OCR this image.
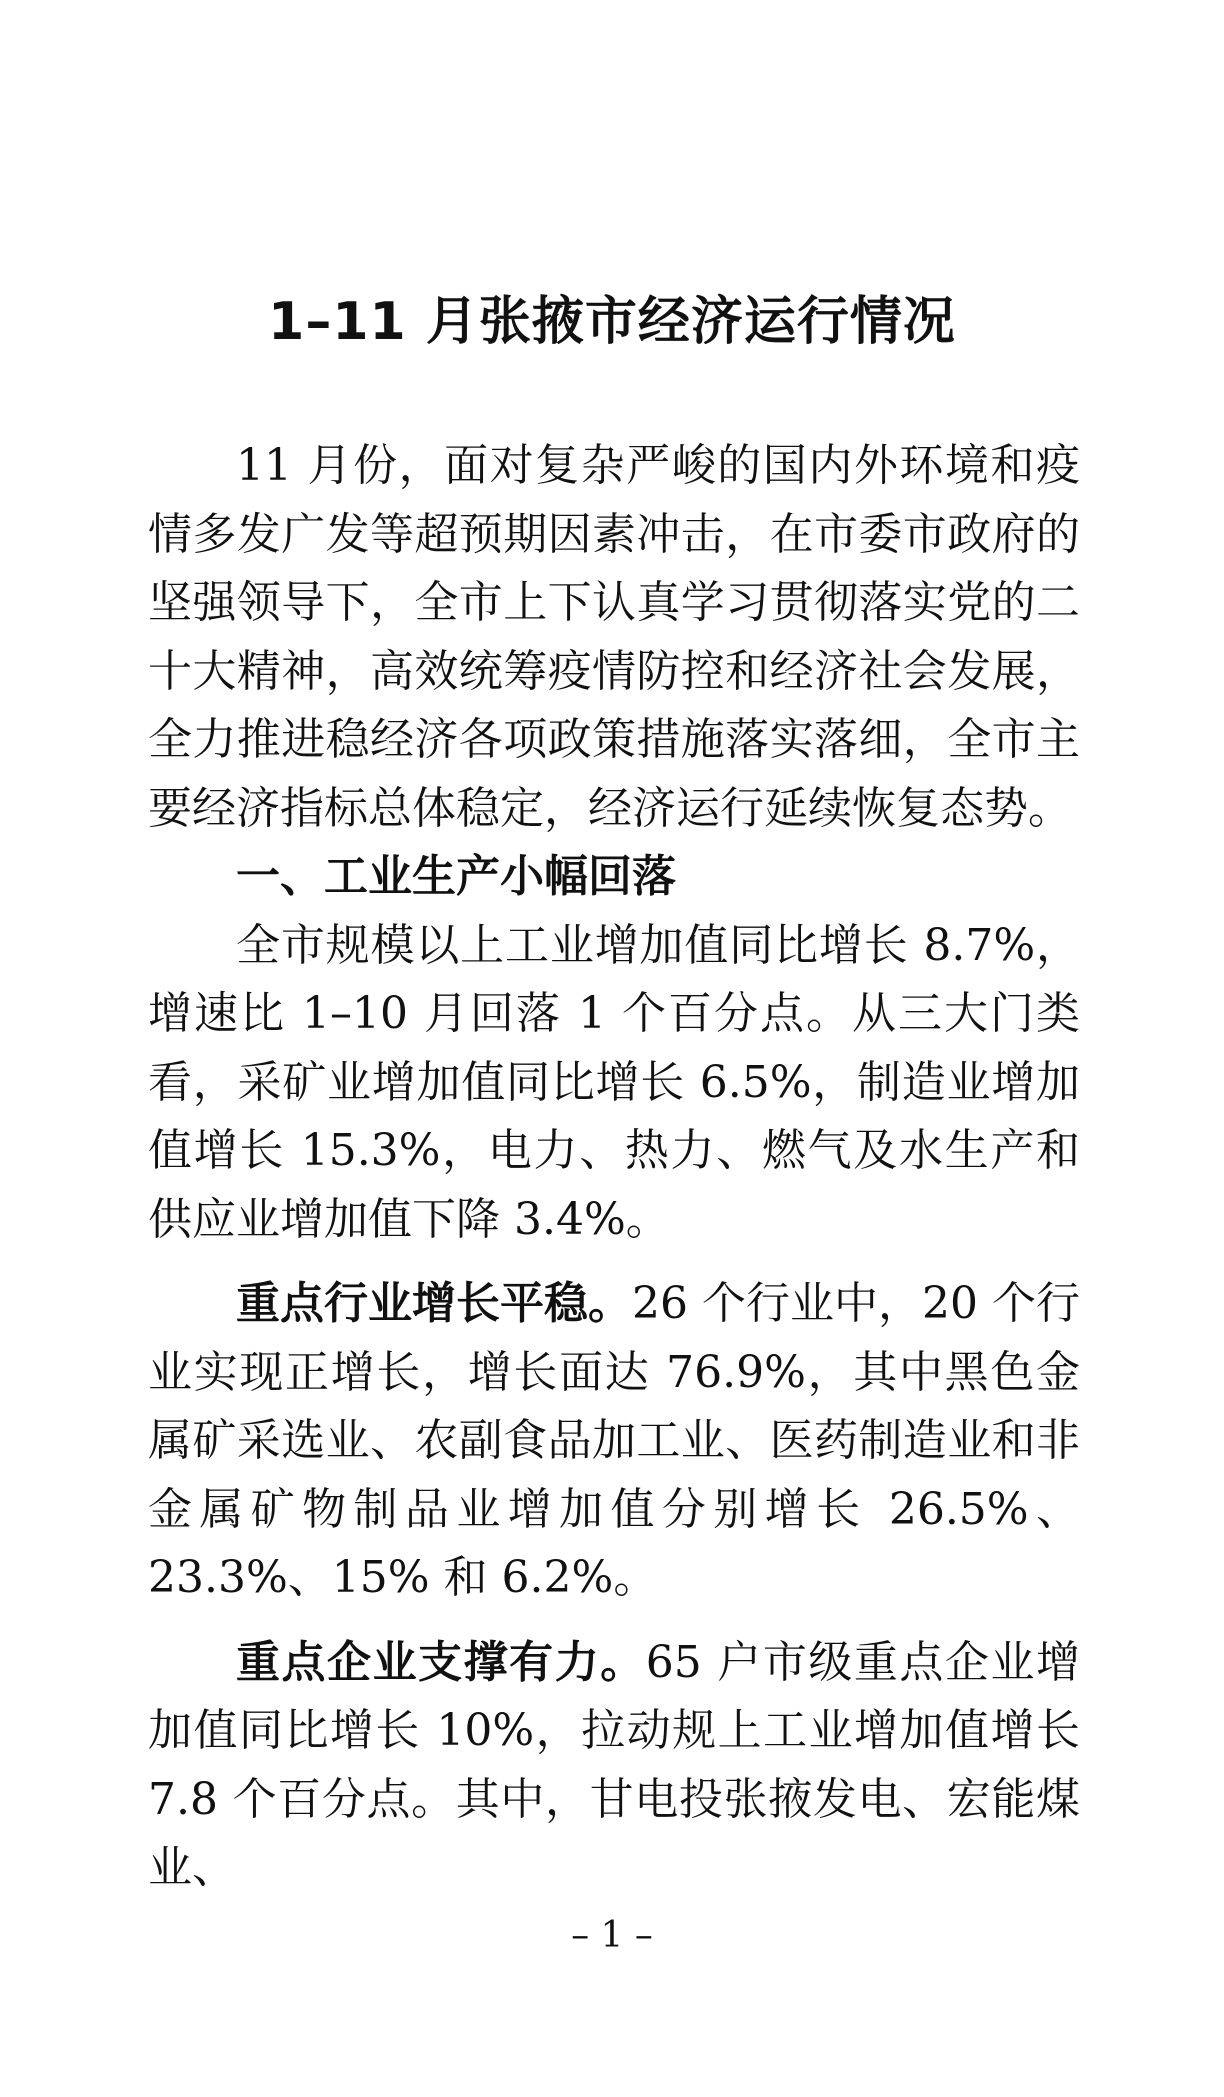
1–11 月张掖市经济运行情况

11 月份，面对复杂严峻的国内外环境和疫情多发广发等超预期因素冲击，在市委市政府的坚强领导下，全市上下认真学习贯彻落实党的二十大精神，高效统筹疫情防控和经济社会发展，全力推进稳经济各项政策措施落实落细，全市主要经济指标总体稳定，经济运行延续恢复态势。

一、工业生产小幅回落

全市规模以上工业增加值同比增长 8.7%，增速比 1–10 月回落 1 个百分点。从三大门类看，采矿业增加值同比增长 6.5%，制造业增加值增长 15.3%，电力、热力、燃气及水生产和供应业增加值下降 3.4%。

重点行业增长平稳。26 个行业中，20 个行业实现正增长，增长面达 76.9%，其中黑色金属矿采选业、农副食品加工业、医药制造业和非金属矿物制品业增加值分别增长 26.5%、23.3%、15% 和 6.2%。

重点企业支撑有力。65 户市级重点企业增加值同比增长 10%，拉动规上工业增加值增长 7.8 个百分点。其中，甘电投张掖发电、宏能煤业、

– 1 –
